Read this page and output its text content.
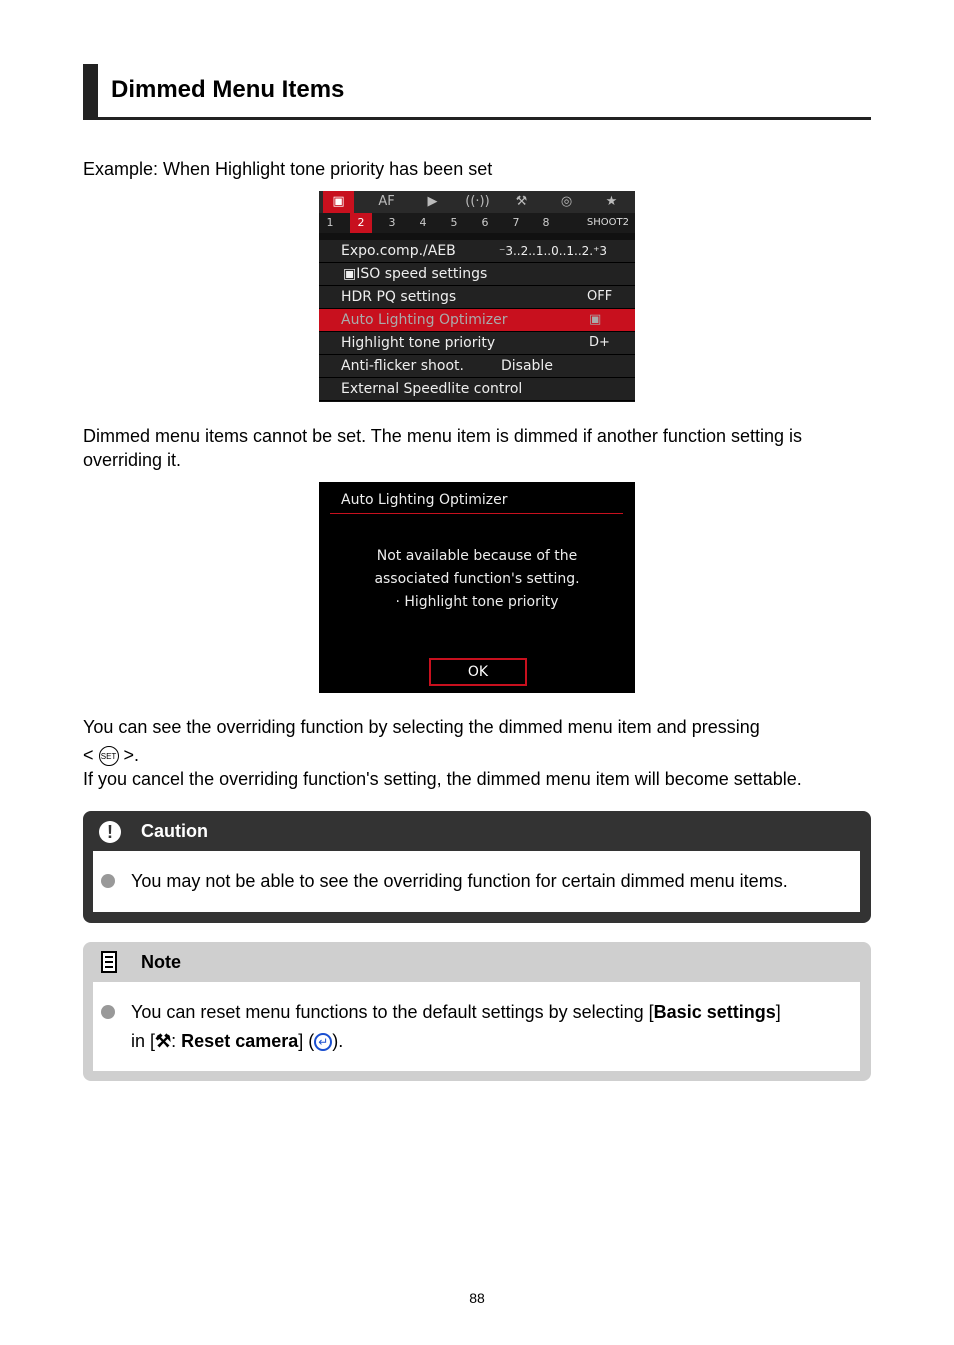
Dimmed Menu Items
Example: When Highlight tone priority has been set
▣	AF	▶	((·))	⚒	◎	★
1	2	3	4	5	6	7	8	SHOOT2
Expo.comp./AEB	⁻3..2..1..0..1..2.⁺3
▣ISO speed settings
HDR PQ settings	OFF
Auto Lighting Optimizer	▣
Highlight tone priority	D+
Anti-flicker shoot.	Disable
External Speedlite control
Dimmed menu items cannot be set. The menu item is dimmed if another function setting is
overriding it.
Auto Lighting Optimizer
Not available because of the
associated function's setting.
· Highlight tone priority
OK
You can see the overriding function by selecting the dimmed menu item and pressing
< SET >.
If you cancel the overriding function's setting, the dimmed menu item will become settable.
!	Caution
You may not be able to see the overriding function for certain dimmed menu items.
Note
You can reset menu functions to the default settings by selecting [Basic settings]
in [⚒: Reset camera] ( ↵ ).
88
